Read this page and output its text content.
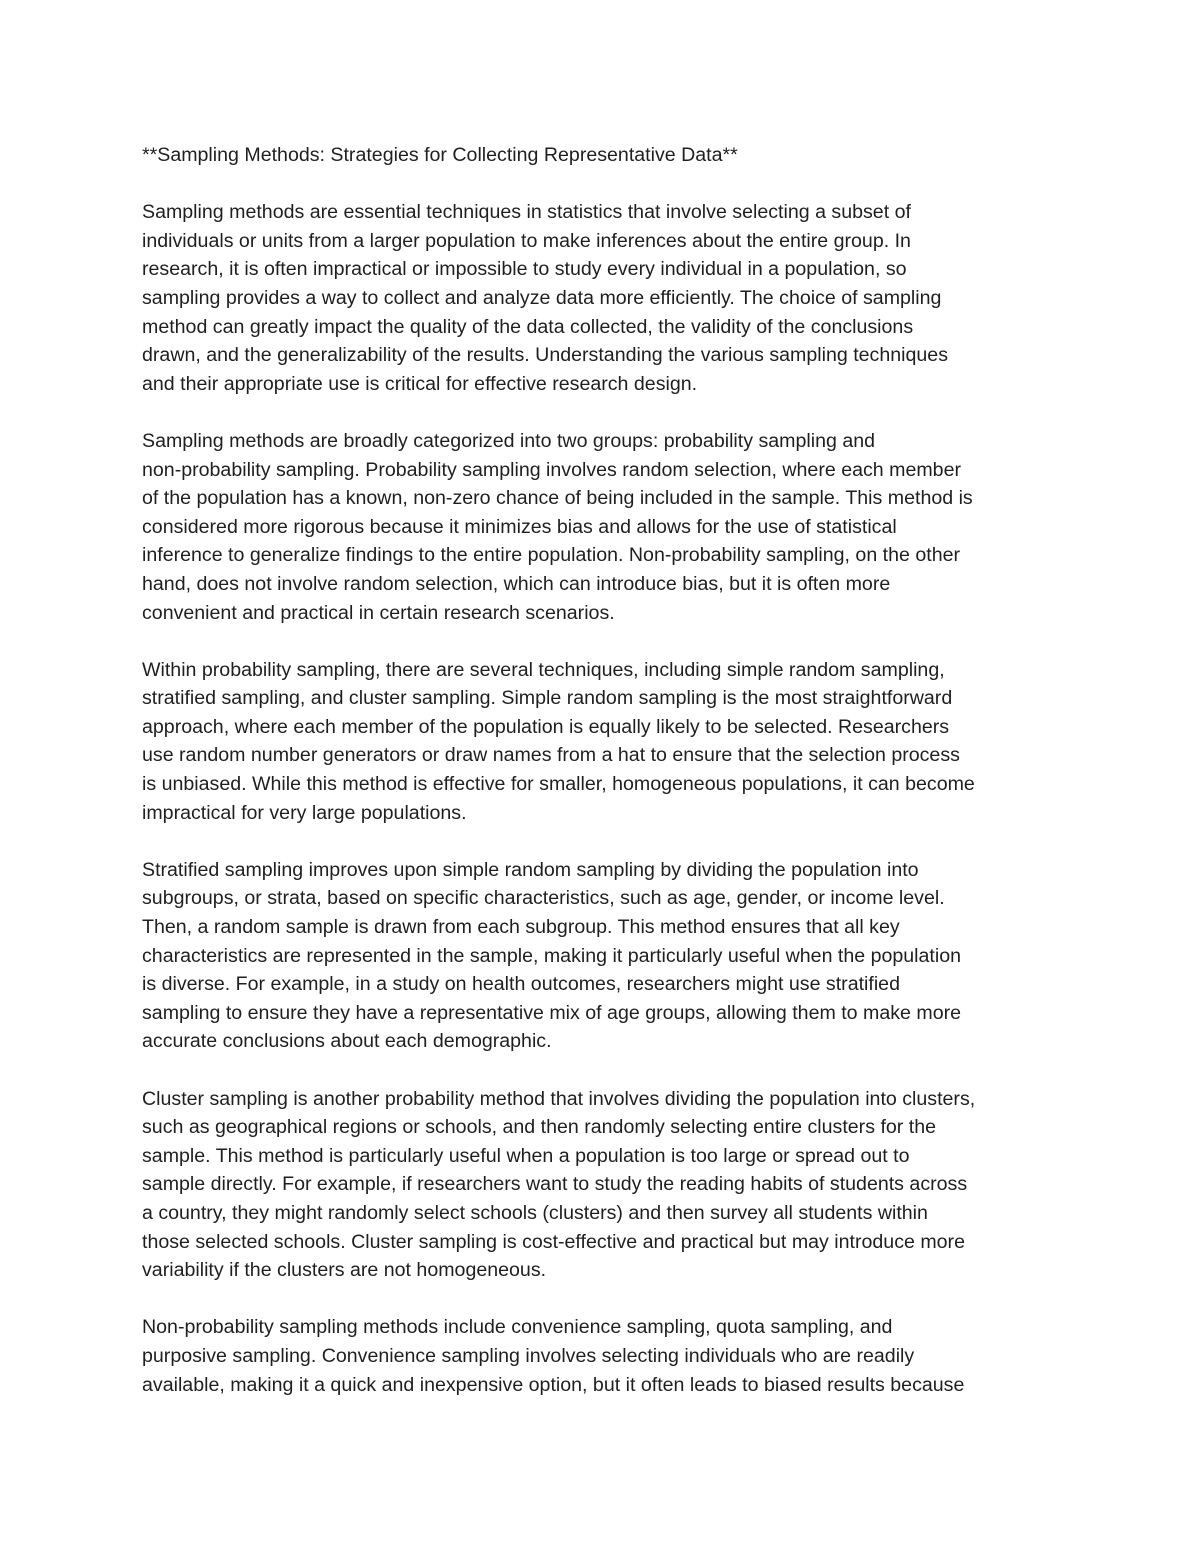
**Sampling Methods: Strategies for Collecting Representative Data**
Sampling methods are essential techniques in statistics that involve selecting a subset of
individuals or units from a larger population to make inferences about the entire group. In
research, it is often impractical or impossible to study every individual in a population, so
sampling provides a way to collect and analyze data more efficiently. The choice of sampling
method can greatly impact the quality of the data collected, the validity of the conclusions
drawn, and the generalizability of the results. Understanding the various sampling techniques
and their appropriate use is critical for effective research design.
Sampling methods are broadly categorized into two groups: probability sampling and
non-probability sampling. Probability sampling involves random selection, where each member
of the population has a known, non-zero chance of being included in the sample. This method is
considered more rigorous because it minimizes bias and allows for the use of statistical
inference to generalize findings to the entire population. Non-probability sampling, on the other
hand, does not involve random selection, which can introduce bias, but it is often more
convenient and practical in certain research scenarios.
Within probability sampling, there are several techniques, including simple random sampling,
stratified sampling, and cluster sampling. Simple random sampling is the most straightforward
approach, where each member of the population is equally likely to be selected. Researchers
use random number generators or draw names from a hat to ensure that the selection process
is unbiased. While this method is effective for smaller, homogeneous populations, it can become
impractical for very large populations.
Stratified sampling improves upon simple random sampling by dividing the population into
subgroups, or strata, based on specific characteristics, such as age, gender, or income level.
Then, a random sample is drawn from each subgroup. This method ensures that all key
characteristics are represented in the sample, making it particularly useful when the population
is diverse. For example, in a study on health outcomes, researchers might use stratified
sampling to ensure they have a representative mix of age groups, allowing them to make more
accurate conclusions about each demographic.
Cluster sampling is another probability method that involves dividing the population into clusters,
such as geographical regions or schools, and then randomly selecting entire clusters for the
sample. This method is particularly useful when a population is too large or spread out to
sample directly. For example, if researchers want to study the reading habits of students across
a country, they might randomly select schools (clusters) and then survey all students within
those selected schools. Cluster sampling is cost-effective and practical but may introduce more
variability if the clusters are not homogeneous.
Non-probability sampling methods include convenience sampling, quota sampling, and
purposive sampling. Convenience sampling involves selecting individuals who are readily
available, making it a quick and inexpensive option, but it often leads to biased results because
